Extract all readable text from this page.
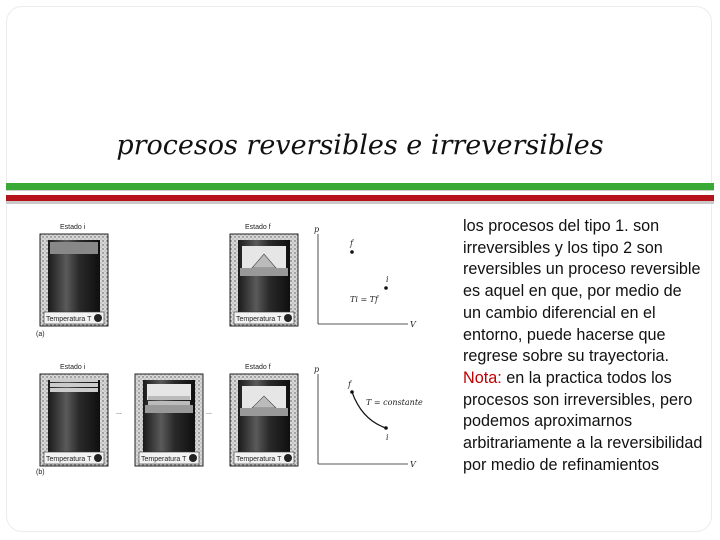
procesos reversibles e irreversibles
Estado i
Temperatura T
Estado f
Temperatura T
(a)
p
V
f
i
Ti = Tf
Estado i
Temperatura T
...
Temperatura T
...
Estado f
Temperatura T
(b)
p
V
f
i
T = constante
los procesos del tipo 1. son irreversibles y los tipo 2 son reversibles un proceso reversible es aquel en que, por medio de un cambio diferencial en el entorno, puede hacerse que regrese sobre su trayectoria.
Nota: en la practica todos los procesos son irreversibles, pero podemos aproximarnos arbitrariamente a la reversibilidad por medio de refinamientos
